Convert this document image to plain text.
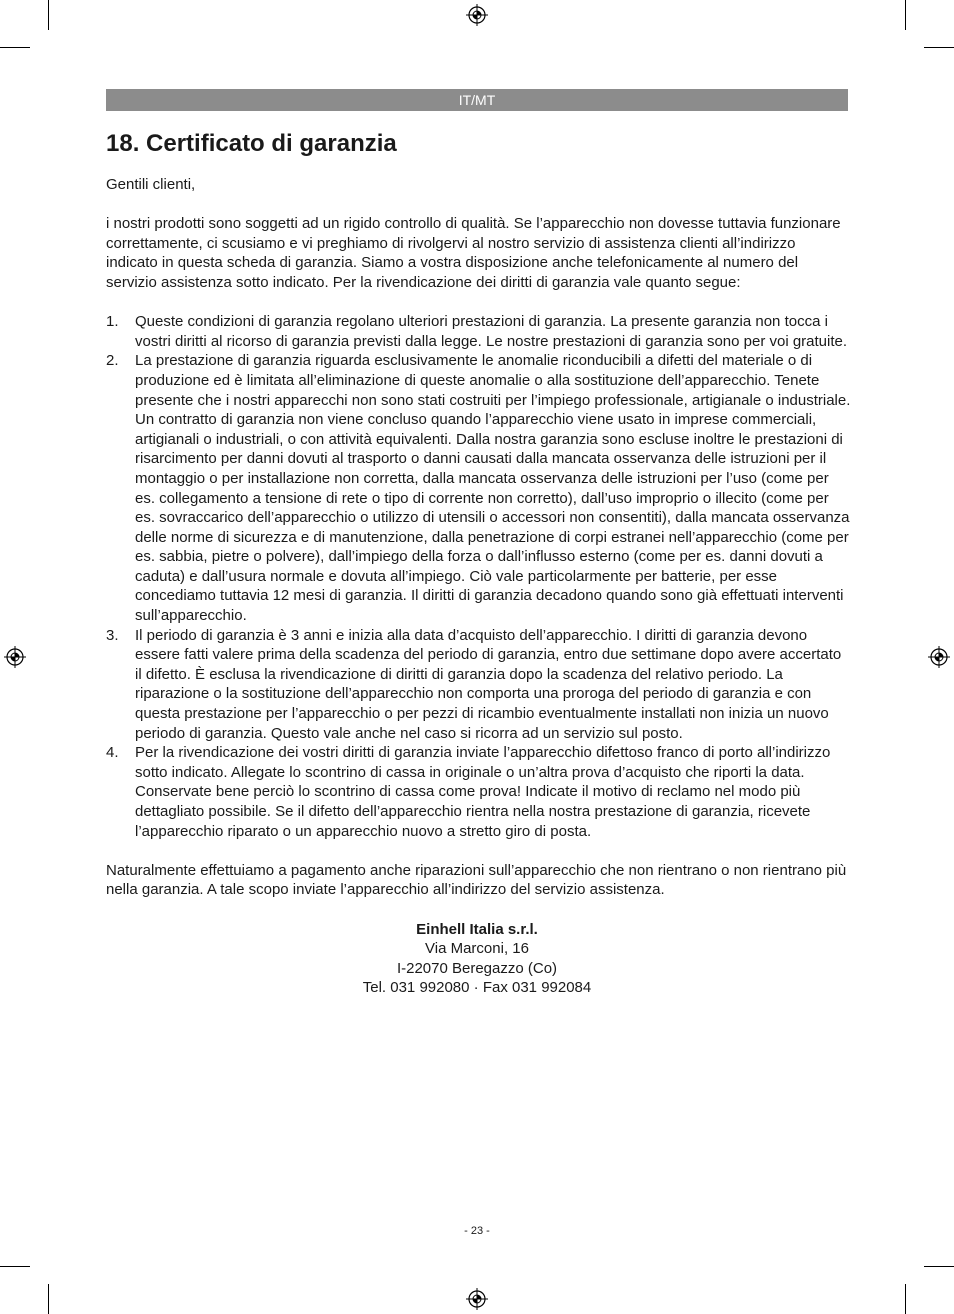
IT/MT
18. Certificato di garanzia

Gentili clienti,

i nostri prodotti sono soggetti ad un rigido controllo di qualità. Se l’apparecchio non dovesse tuttavia funzionare correttamente, ci scusiamo e vi preghiamo di rivolgervi al nostro servizio di assistenza clienti all’indirizzo indicato in questa scheda di garanzia. Siamo a vostra disposizione anche telefonicamente al numero del servizio assistenza sotto indicato. Per la rivendicazione dei diritti di garanzia vale quanto segue:

1. Queste condizioni di garanzia regolano ulteriori prestazioni di garanzia. La presente garanzia non tocca i vostri diritti al ricorso di garanzia previsti dalla legge. Le nostre prestazioni di garanzia sono per voi gratuite.
2. La prestazione di garanzia riguarda esclusivamente le anomalie riconducibili a difetti del materiale o di produzione ed è limitata all’eliminazione di queste anomalie o alla sostituzione dell’apparecchio. Tenete presente che i nostri apparecchi non sono stati costruiti per l’impiego professionale, artigianale o industriale. Un contratto di garanzia non viene concluso quando l’apparecchio viene usato in imprese commerciali, artigianali o industriali, o con attività equivalenti. Dalla nostra garanzia sono escluse inoltre le prestazioni di risarcimento per danni dovuti al trasporto o danni causati dalla mancata osservanza delle istruzioni per il montaggio o per installazione non corretta, dalla mancata osservanza delle istruzioni per l’uso (come per es. collegamento a tensione di rete o tipo di corrente non corretto), dall’uso improprio o illecito (come per es. sovraccarico dell’apparecchio o utilizzo di utensili o accessori non consentiti), dalla mancata osservanza delle norme di sicurezza e di manutenzione, dalla penetrazione di corpi estranei nell’apparecchio (come per es. sabbia, pietre o polvere), dall’impiego della forza o dall’influsso esterno (come per es. danni dovuti a caduta) e dall’usura normale e dovuta all’impiego. Ciò vale particolarmente per batterie, per esse concediamo tuttavia 12 mesi di garanzia. Il diritti di garanzia decadono quando sono già effettuati interventi sull’apparecchio.
3. Il periodo di garanzia è 3 anni e inizia alla data d’acquisto dell’apparecchio. I diritti di garanzia devono essere fatti valere prima della scadenza del periodo di garanzia, entro due settimane dopo avere accertato il difetto. È esclusa la rivendicazione di diritti di garanzia dopo la scadenza del relativo periodo. La riparazione o la sostituzione dell’apparecchio non comporta una proroga del periodo di garanzia e con questa prestazione per l’apparecchio o per pezzi di ricambio eventualmente installati non inizia un nuovo periodo di garanzia. Questo vale anche nel caso si ricorra ad un servizio sul posto.
4. Per la rivendicazione dei vostri diritti di garanzia inviate l’apparecchio difettoso franco di porto all’indirizzo sotto indicato. Allegate lo scontrino di cassa in originale o un’altra prova d’acquisto che riporti la data. Conservate bene perciò lo scontrino di cassa come prova! Indicate il motivo di reclamo nel modo più dettagliato possibile. Se il difetto dell’apparecchio rientra nella nostra prestazione di garanzia, ricevete l’apparecchio riparato o un apparecchio nuovo a stretto giro di posta.

Naturalmente effettuiamo a pagamento anche riparazioni sull’apparecchio che non rientrano o non rientrano più nella garanzia. A tale scopo inviate l’apparecchio all’indirizzo del servizio assistenza.

Einhell Italia s.r.l.
Via Marconi, 16
I-22070 Beregazzo (Co)
Tel. 031 992080 · Fax 031 992084
- 23 -
